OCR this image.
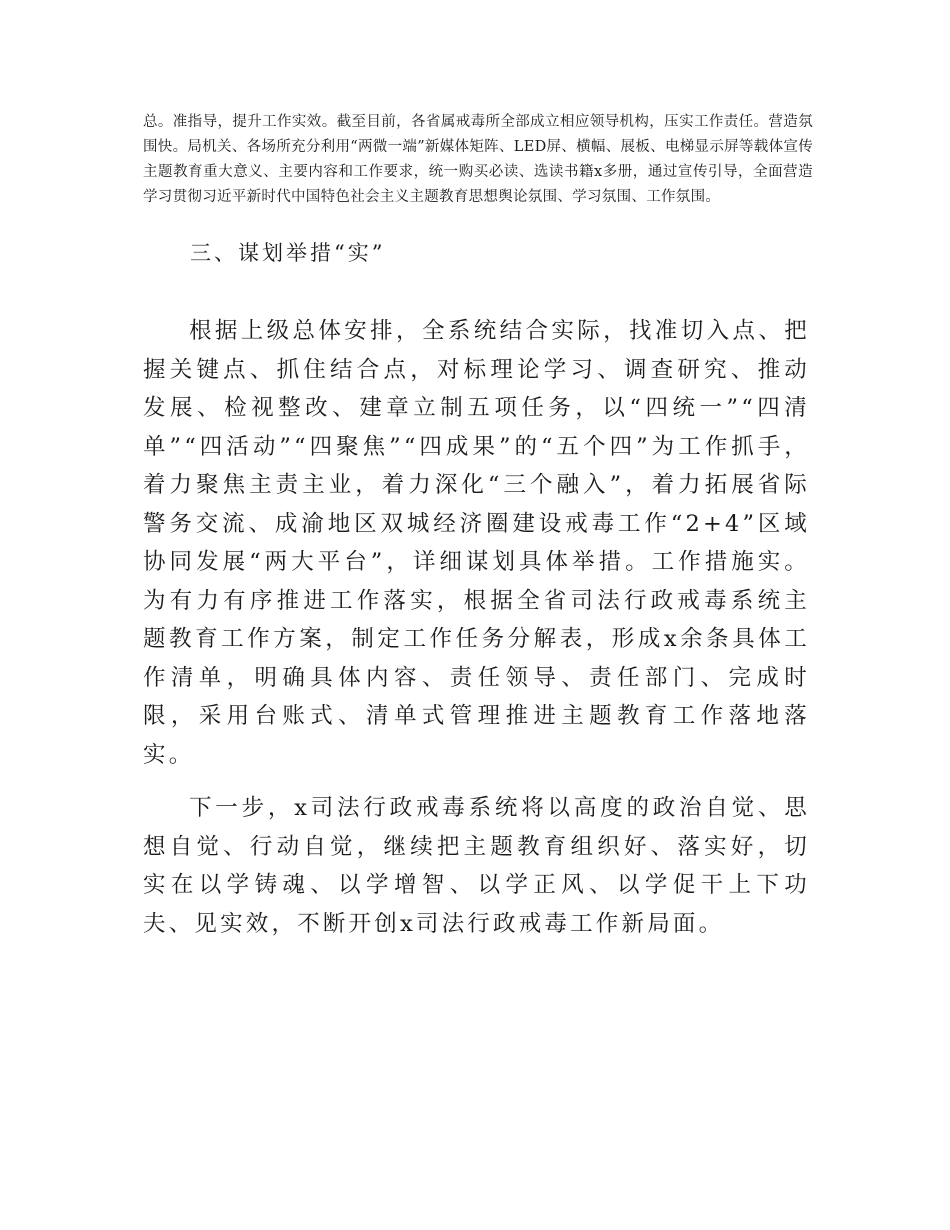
总。准指导，提升工作实效。截至目前，各省属戒毒所全部成立相应领导机构，压实工作责任。营造氛围快。局机关、各场所充分利用“两微一端”新媒体矩阵、LED屏、横幅、展板、电梯显示屏等载体宣传主题教育重大意义、主要内容和工作要求，统一购买必读、选读书籍x多册，通过宣传引导，全面营造学习贯彻习近平新时代中国特色社会主义主题教育思想舆论氛围、学习氛围、工作氛围。

三、谋划举措“实”

根据上级总体安排，全系统结合实际，找准切入点、把握关键点、抓住结合点，对标理论学习、调查研究、推动发展、检视整改、建章立制五项任务，以“四统一”“四清单”“四活动”“四聚焦”“四成果”的“五个四”为工作抓手，着力聚焦主责主业，着力深化“三个融入”，着力拓展省际警务交流、成渝地区双城经济圈建设戒毒工作“2+4”区域协同发展“两大平台”，详细谋划具体举措。工作措施实。为有力有序推进工作落实，根据全省司法行政戒毒系统主题教育工作方案，制定工作任务分解表，形成x余条具体工作清单，明确具体内容、责任领导、责任部门、完成时限，采用台账式、清单式管理推进主题教育工作落地落实。

下一步，x司法行政戒毒系统将以高度的政治自觉、思想自觉、行动自觉，继续把主题教育组织好、落实好，切实在以学铸魂、以学增智、以学正风、以学促干上下功夫、见实效，不断开创x司法行政戒毒工作新局面。
